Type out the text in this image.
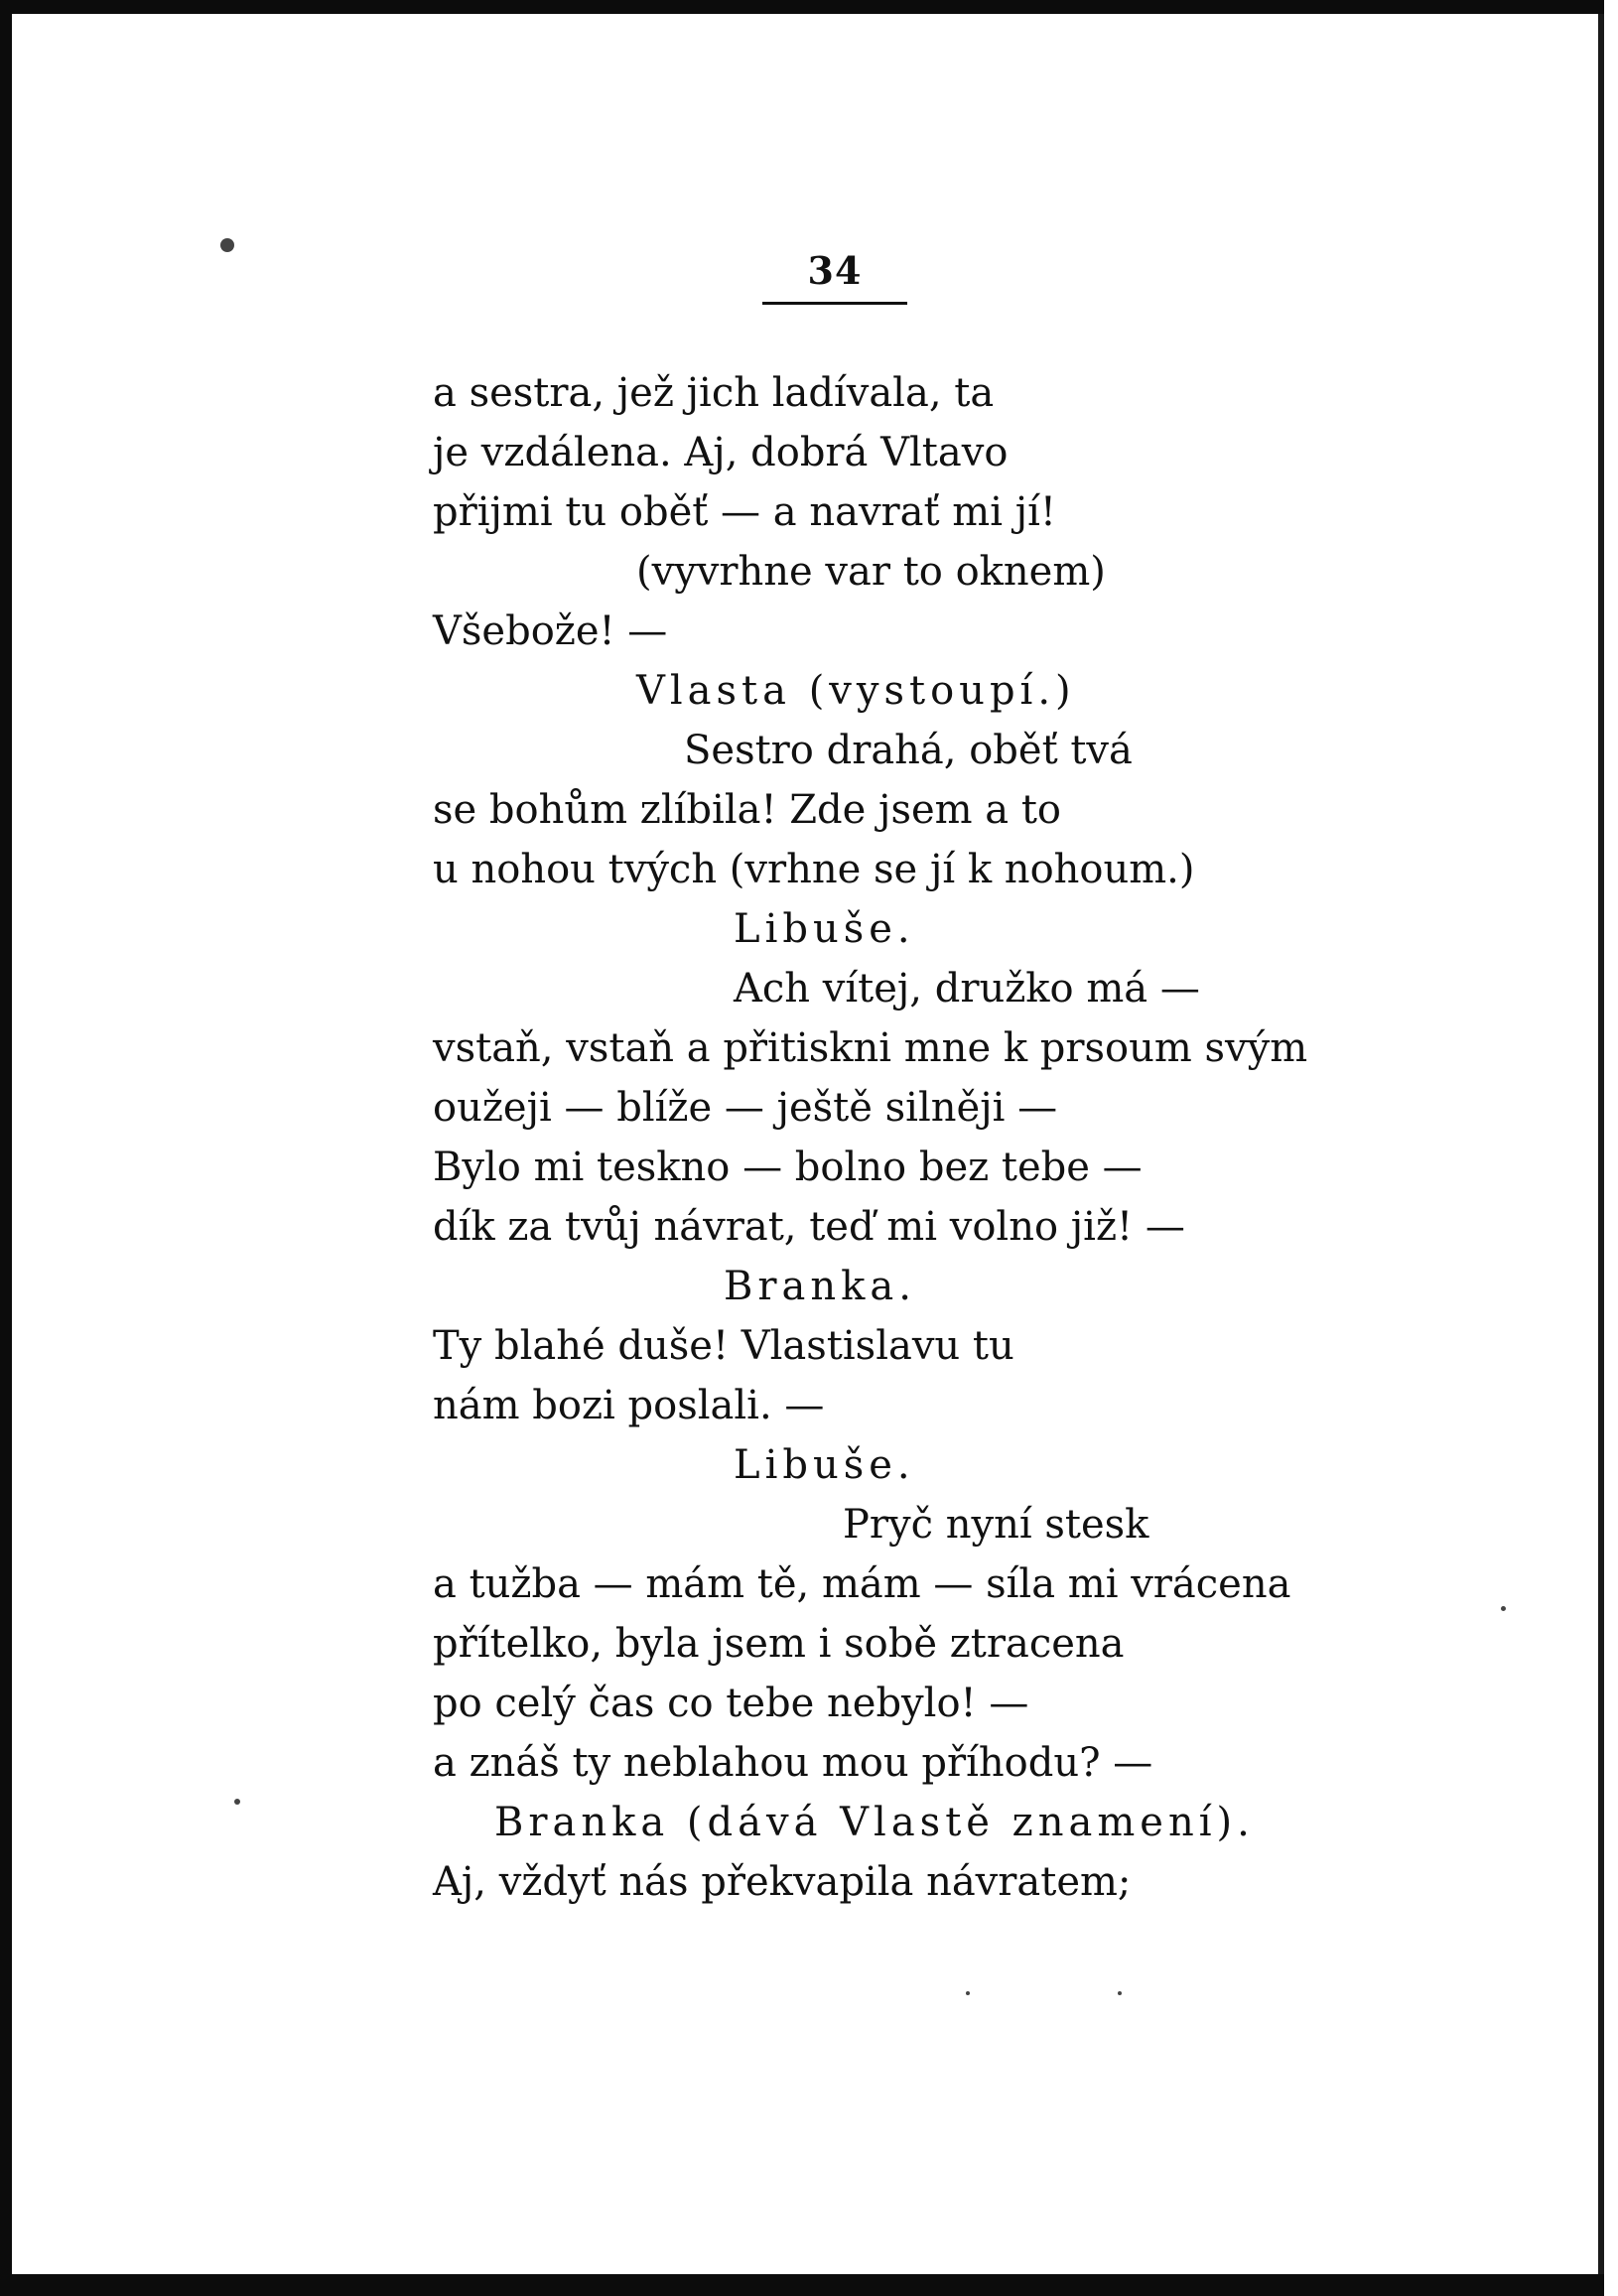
34
a sestra, jež jich ladívala, ta
je vzdálena. Aj, dobrá Vltavo
přijmi tu oběť — a navrať mi jí!
(vyvrhne var to oknem)
Všebože! —
Vlasta (vystoupí.)
Sestro drahá, oběť tvá
se bohům zlíbila! Zde jsem a to
u nohou tvých (vrhne se jí k nohoum.)
Libuše.
Ach vítej, družko má —
vstaň, vstaň a přitiskni mne k prsoum svým
oužeji — blíže — ještě silněji —
Bylo mi teskno — bolno bez tebe —
dík za tvůj návrat, teď mi volno již! —
Branka.
Ty blahé duše! Vlastislavu tu
nám bozi poslali. —
Libuše.
Pryč nyní stesk
a tužba — mám tě, mám — síla mi vrácena
přítelko, byla jsem i sobě ztracena
po celý čas co tebe nebylo! —
a znáš ty neblahou mou příhodu? —
Branka (dává Vlastě znamení).
Aj, vždyť nás překvapila návratem;
